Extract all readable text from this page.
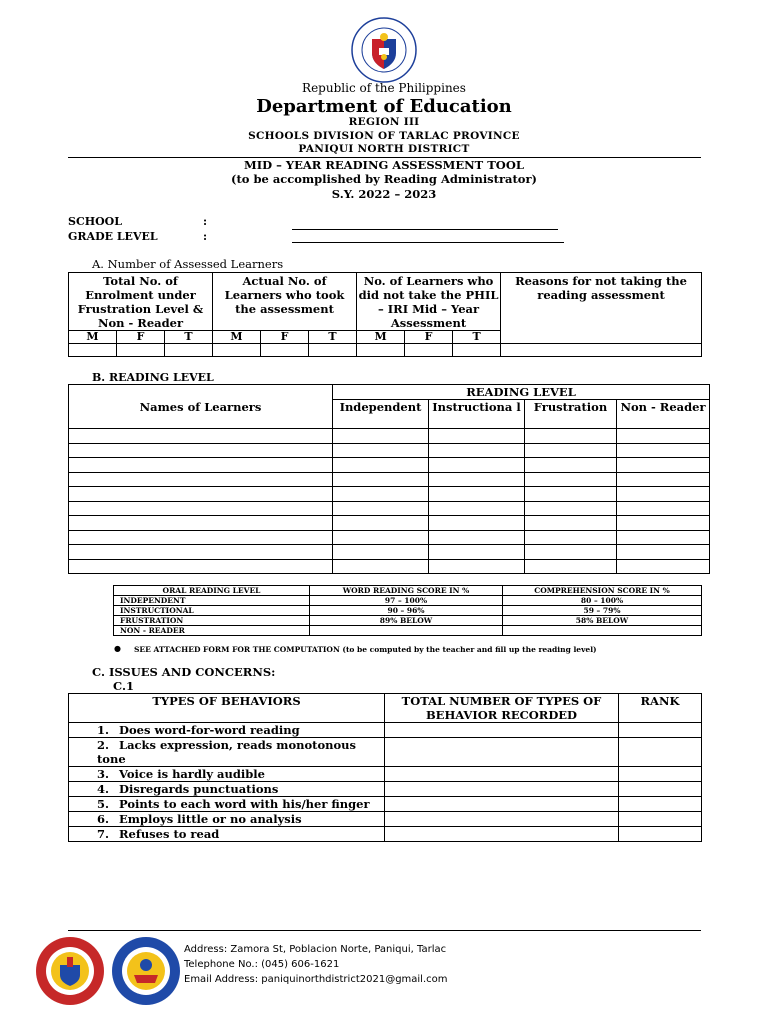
Republic of the Philippines
Department of Education
REGION III
SCHOOLS DIVISION OF TARLAC PROVINCE
PANIQUI NORTH DISTRICT
MID – YEAR READING ASSESSMENT TOOL
(to be accomplished by Reading Administrator)
S.Y. 2022 – 2023
SCHOOL	:
GRADE LEVEL	:
A. Number of Assessed Learners
Total No. of Enrolment under Frustration Level & Non - Reader			Actual No. of Learners who took the assessment			No. of Learners who did not take the PHIL – IRI Mid – Year Assessment			Reasons for not taking the reading assessment
M	F	T	M	F	T	M	F	T	

B. READING LEVEL
Names of Learners	READING LEVEL			
	Independent	Instructiona l	Frustration	Non - Reader

ORAL READING LEVEL	WORD READING SCORE IN %	COMPREHENSION SCORE IN %
INDEPENDENT	97 – 100%	80 – 100%
INSTRUCTIONAL	90 – 96%	59 – 79%
FRUSTRATION	89% BELOW	58% BELOW
NON - READER		
● SEE ATTACHED FORM FOR THE COMPUTATION (to be computed by the teacher and fill up the reading level)
C. ISSUES AND CONCERNS:
C.1
TYPES OF BEHAVIORS	TOTAL NUMBER OF TYPES OF BEHAVIOR RECORDED	RANK
1. Does word-for-word reading		
2. Lacks expression, reads monotonous tone		
3. Voice is hardly audible		
4. Disregards punctuations		
5. Points to each word with his/her finger		
6. Employs little or no analysis		
7. Refuses to read		
Address: Zamora St, Poblacion Norte, Paniqui, Tarlac
Telephone No.: (045) 606-1621
Email Address: paniquinorthdistrict2021@gmail.com
